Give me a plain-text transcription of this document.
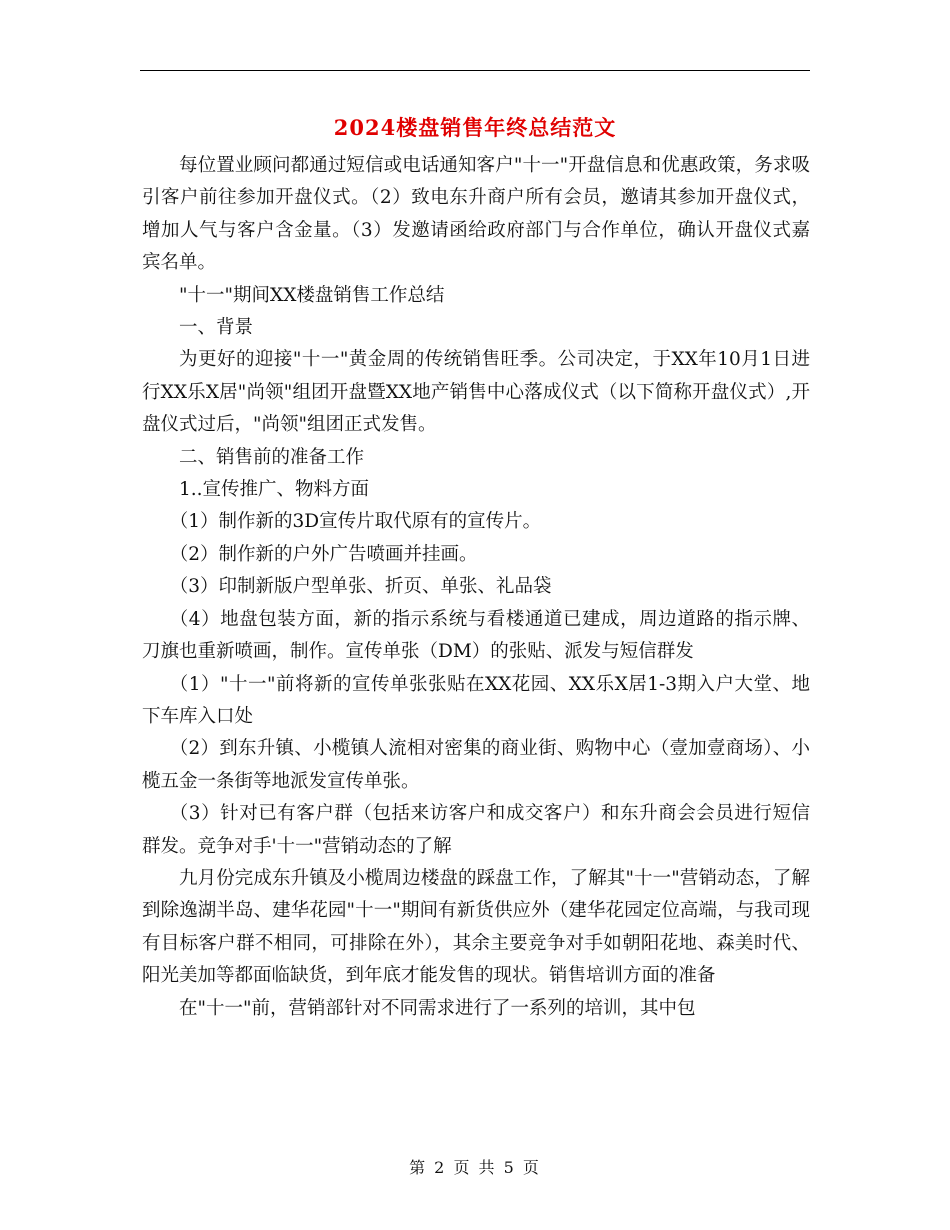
2024楼盘销售年终总结范文

每位置业顾问都通过短信或电话通知客户"十一"开盘信息和优惠政策，务求吸引客户前往参加开盘仪式。（2）致电东升商户所有会员，邀请其参加开盘仪式，增加人气与客户含金量。（3）发邀请函给政府部门与合作单位，确认开盘仪式嘉宾名单。

"十一"期间XX楼盘销售工作总结

一、背景

为更好的迎接"十一"黄金周的传统销售旺季。公司决定，于XX年10月1日进行XX乐X居"尚领"组团开盘暨XX地产销售中心落成仪式（以下简称开盘仪式）,开盘仪式过后，"尚领"组团正式发售。

二、销售前的准备工作

1..宣传推广、物料方面

（1）制作新的3D宣传片取代原有的宣传片。

（2）制作新的户外广告喷画并挂画。

（3）印制新版户型单张、折页、单张、礼品袋

（4）地盘包装方面，新的指示系统与看楼通道已建成，周边道路的指示牌、刀旗也重新喷画，制作。宣传单张（DM）的张贴、派发与短信群发

（1）"十一"前将新的宣传单张张贴在XX花园、XX乐X居1-3期入户大堂、地下车库入口处

（2）到东升镇、小榄镇人流相对密集的商业街、购物中心（壹加壹商场）、小榄五金一条街等地派发宣传单张。

（3）针对已有客户群（包括来访客户和成交客户）和东升商会会员进行短信群发。竞争对手'十一"营销动态的了解

九月份完成东升镇及小榄周边楼盘的踩盘工作，了解其"十一"营销动态，了解到除逸湖半岛、建华花园"十一"期间有新货供应外（建华花园定位高端，与我司现有目标客户群不相同，可排除在外），其余主要竞争对手如朝阳花地、森美时代、阳光美加等都面临缺货，到年底才能发售的现状。销售培训方面的准备

在"十一"前，营销部针对不同需求进行了一系列的培训，其中包

第 2 页 共 5 页
